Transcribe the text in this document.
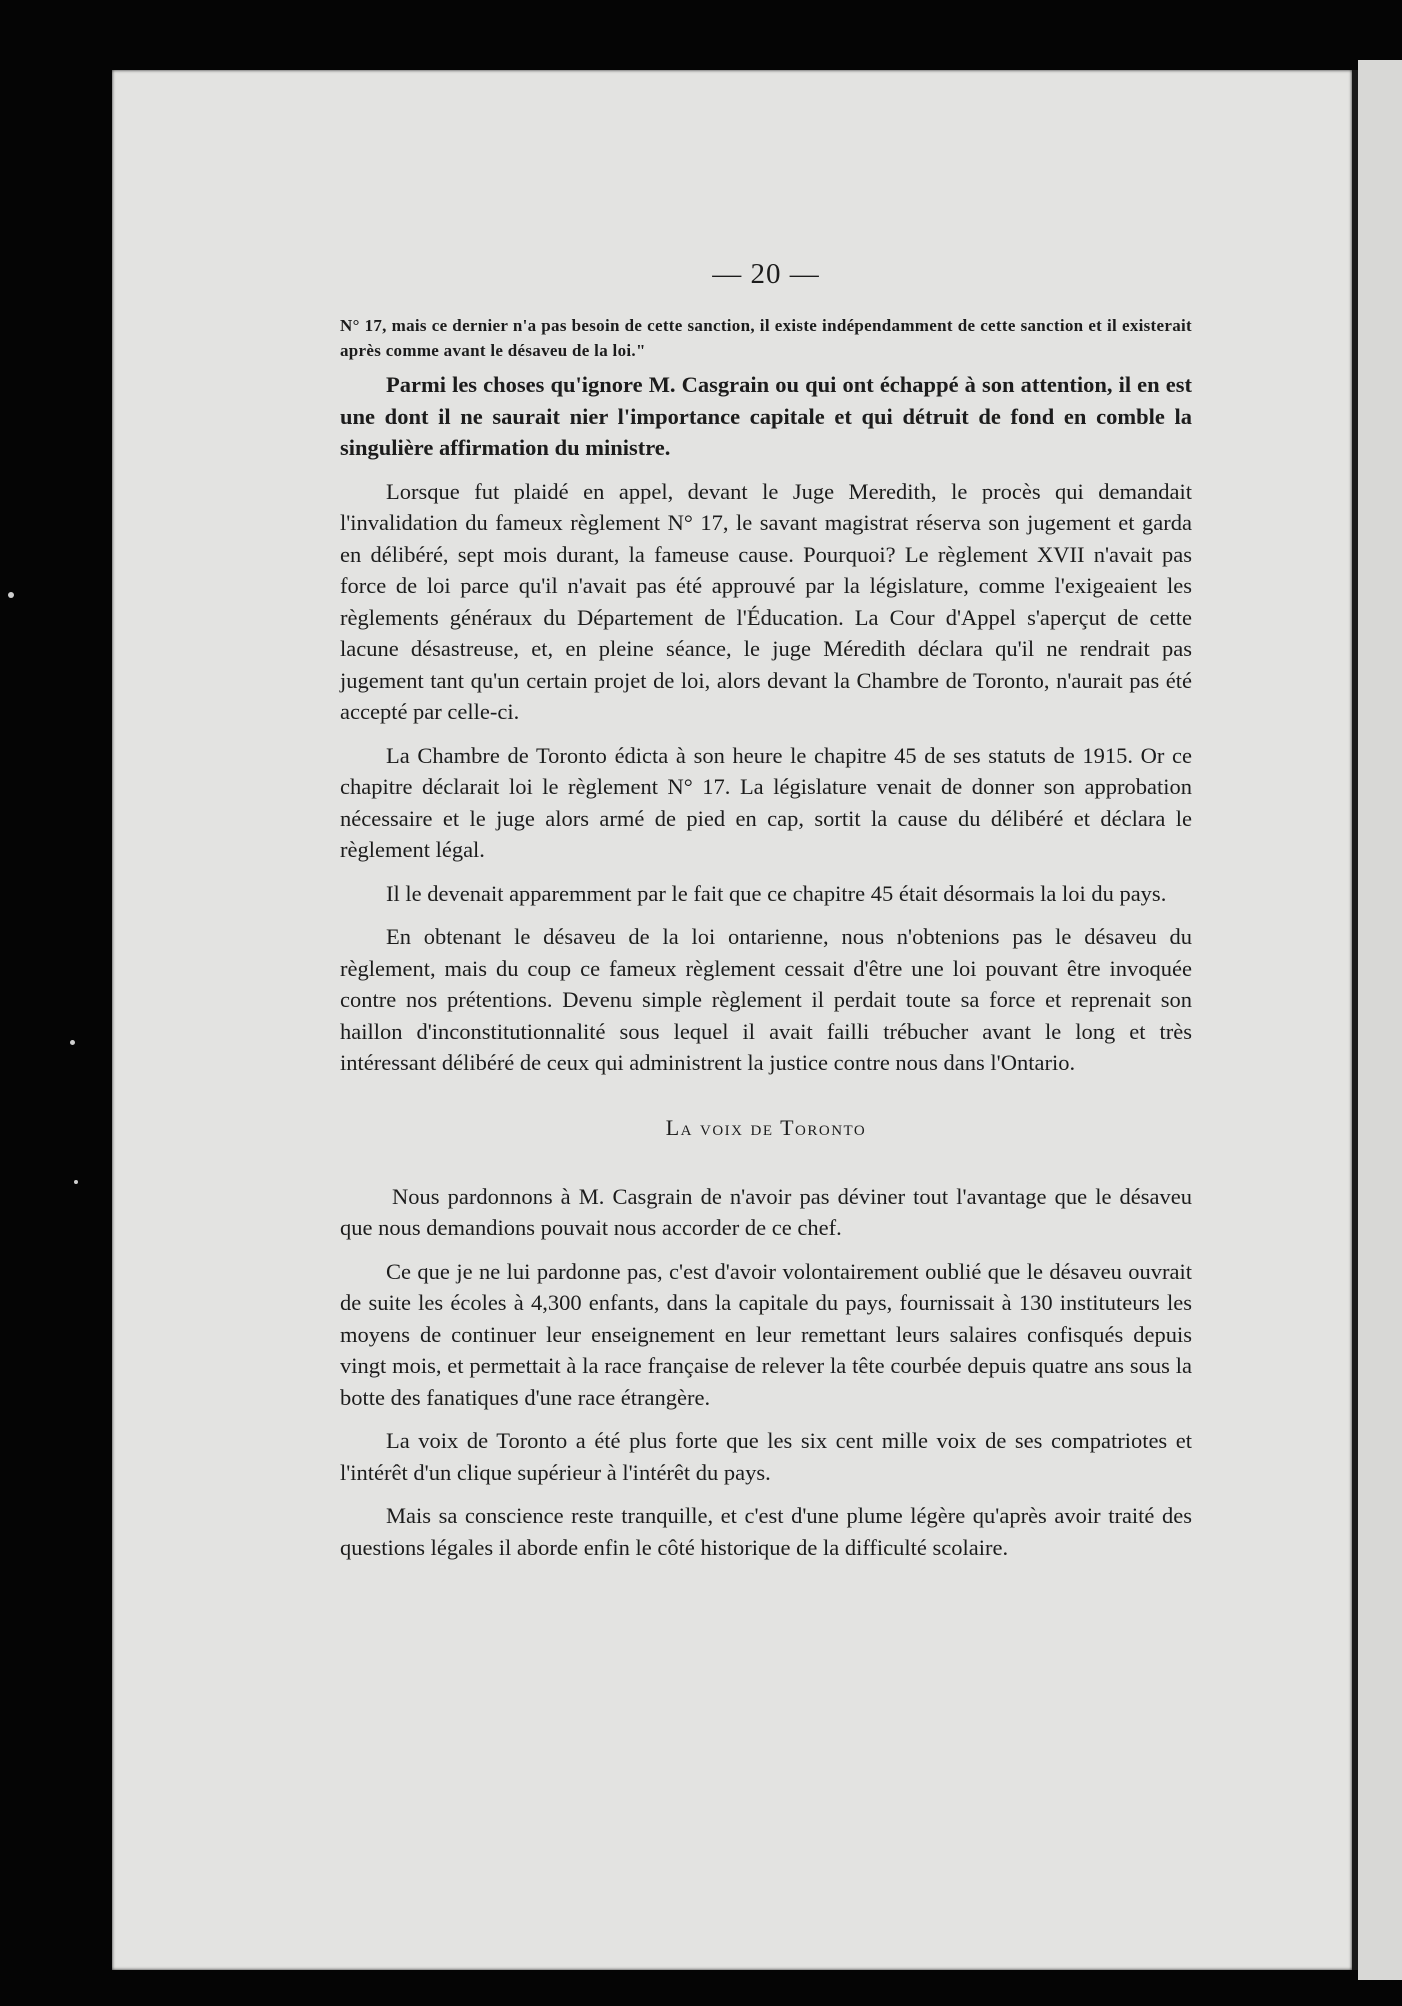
— 20 —

N° 17, mais ce dernier n'a pas besoin de cette sanction, il existe indépendamment de cette sanction et il existerait après comme avant le désaveu de la loi."

Parmi les choses qu'ignore M. Casgrain ou qui ont échappé à son attention, il en est une dont il ne saurait nier l'importance capitale et qui détruit de fond en comble la singulière affirmation du ministre.

Lorsque fut plaidé en appel, devant le Juge Meredith, le procès qui demandait l'invalidation du fameux règlement N° 17, le savant magistrat réserva son jugement et garda en délibéré, sept mois durant, la fameuse cause. Pourquoi? Le règlement XVII n'avait pas force de loi parce qu'il n'avait pas été approuvé par la législature, comme l'exigeaient les règlements généraux du Département de l'Éducation. La Cour d'Appel s'aperçut de cette lacune désastreuse, et, en pleine séance, le juge Méredith déclara qu'il ne rendrait pas jugement tant qu'un certain projet de loi, alors devant la Chambre de Toronto, n'aurait pas été accepté par celle-ci.

La Chambre de Toronto édicta à son heure le chapitre 45 de ses statuts de 1915. Or ce chapitre déclarait loi le règlement N° 17. La législature venait de donner son approbation nécessaire et le juge alors armé de pied en cap, sortit la cause du délibéré et déclara le règlement légal.

Il le devenait apparemment par le fait que ce chapitre 45 était désormais la loi du pays.

En obtenant le désaveu de la loi ontarienne, nous n'obtenions pas le désaveu du règlement, mais du coup ce fameux règlement cessait d'être une loi pouvant être invoquée contre nos prétentions. Devenu simple règlement il perdait toute sa force et reprenait son haillon d'inconstitutionnalité sous lequel il avait failli trébucher avant le long et très intéressant délibéré de ceux qui administrent la justice contre nous dans l'Ontario.

La voix de Toronto

Nous pardonnons à M. Casgrain de n'avoir pas déviner tout l'avantage que le désaveu que nous demandions pouvait nous accorder de ce chef.

Ce que je ne lui pardonne pas, c'est d'avoir volontairement oublié que le désaveu ouvrait de suite les écoles à 4,300 enfants, dans la capitale du pays, fournissait à 130 instituteurs les moyens de continuer leur enseignement en leur remettant leurs salaires confisqués depuis vingt mois, et permettait à la race française de relever la tête courbée depuis quatre ans sous la botte des fanatiques d'une race étrangère.

La voix de Toronto a été plus forte que les six cent mille voix de ses compatriotes et l'intérêt d'un clique supérieur à l'intérêt du pays.

Mais sa conscience reste tranquille, et c'est d'une plume légère qu'après avoir traité des questions légales il aborde enfin le côté historique de la difficulté scolaire.
